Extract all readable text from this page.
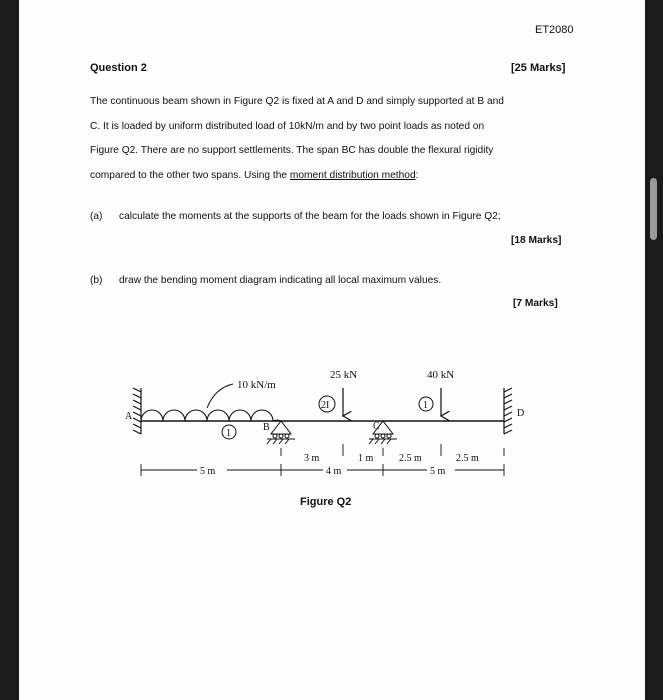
ET2080
Question 2	[25 Marks]

The continuous beam shown in Figure Q2 is fixed at A and D and simply supported at B and
C. It is loaded by uniform distributed load of 10kN/m and by two point loads as noted on
Figure Q2. There are no support settlements. The span BC has double the flexural rigidity
compared to the other two spans. Using the moment distribution method:

(a) calculate the moments at the supports of the beam for the loads shown in Figure Q2;
[18 Marks]
(b) draw the bending moment diagram indicating all local maximum values.
[7 Marks]
10 kN/m
25 kN	40 kN
1
2I	1
A
B	C
D
3 m	1 m	2.5 m	2.5 m
5 m	4 m	5 m
Figure Q2
